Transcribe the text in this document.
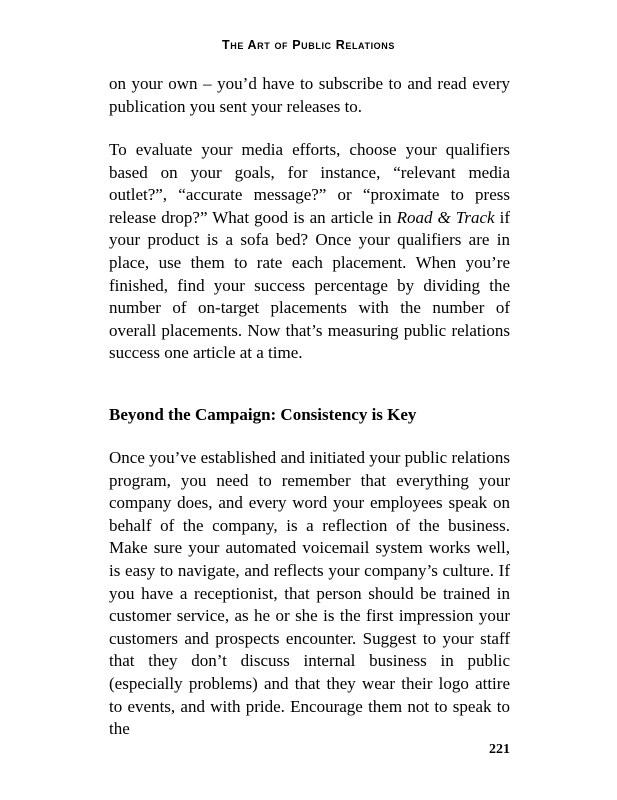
The Art of Public Relations

on your own – you’d have to subscribe to and read every publication you sent your releases to.

To evaluate your media efforts, choose your qualifiers based on your goals, for instance, “relevant media outlet?”, “accurate message?” or “proximate to press release drop?” What good is an article in Road & Track if your product is a sofa bed? Once your qualifiers are in place, use them to rate each placement. When you’re finished, find your success percentage by dividing the number of on-target placements with the number of overall placements. Now that’s measuring public relations success one article at a time.

Beyond the Campaign: Consistency is Key

Once you’ve established and initiated your public relations program, you need to remember that everything your company does, and every word your employees speak on behalf of the company, is a reflection of the business. Make sure your automated voicemail system works well, is easy to navigate, and reflects your company’s culture. If you have a receptionist, that person should be trained in customer service, as he or she is the first impression your customers and prospects encounter. Suggest to your staff that they don’t discuss internal business in public (especially problems) and that they wear their logo attire to events, and with pride. Encourage them not to speak to the

221
